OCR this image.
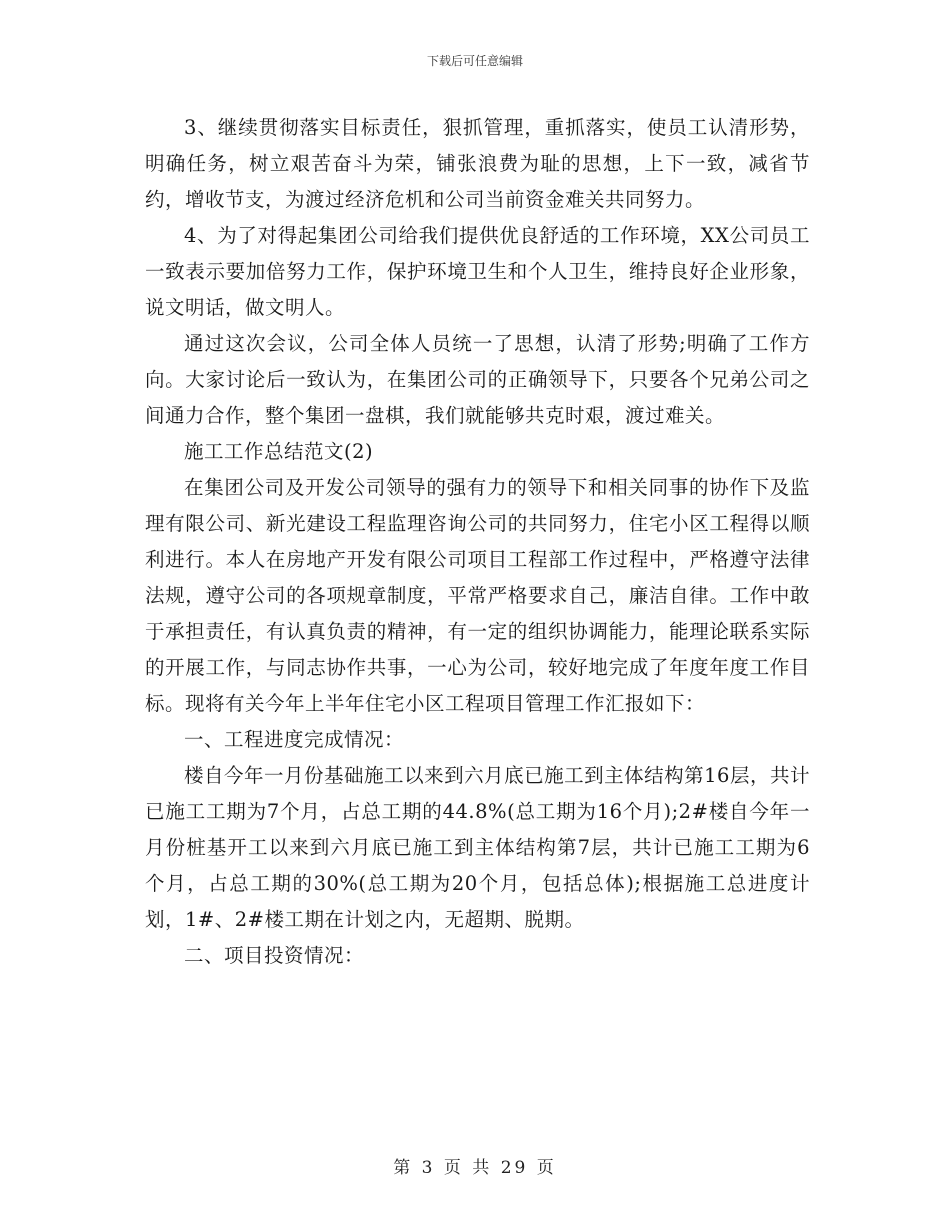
下载后可任意编辑

3、继续贯彻落实目标责任，狠抓管理，重抓落实，使员工认清形势，明确任务，树立艰苦奋斗为荣，铺张浪费为耻的思想，上下一致，减省节约，增收节支，为渡过经济危机和公司当前资金难关共同努力。

4、为了对得起集团公司给我们提供优良舒适的工作环境，XX公司员工一致表示要加倍努力工作，保护环境卫生和个人卫生，维持良好企业形象，说文明话，做文明人。

通过这次会议，公司全体人员统一了思想，认清了形势;明确了工作方向。大家讨论后一致认为，在集团公司的正确领导下，只要各个兄弟公司之间通力合作，整个集团一盘棋，我们就能够共克时艰，渡过难关。

施工工作总结范文(2)

在集团公司及开发公司领导的强有力的领导下和相关同事的协作下及监理有限公司、新光建设工程监理咨询公司的共同努力，住宅小区工程得以顺利进行。本人在房地产开发有限公司项目工程部工作过程中，严格遵守法律法规，遵守公司的各项规章制度，平常严格要求自己，廉洁自律。工作中敢于承担责任，有认真负责的精神，有一定的组织协调能力，能理论联系实际的开展工作，与同志协作共事，一心为公司，较好地完成了年度年度工作目标。现将有关今年上半年住宅小区工程项目管理工作汇报如下：

一、工程进度完成情况：

楼自今年一月份基础施工以来到六月底已施工到主体结构第16层，共计已施工工期为7个月，占总工期的44.8%(总工期为16个月);2#楼自今年一月份桩基开工以来到六月底已施工到主体结构第7层，共计已施工工期为6个月，占总工期的30%(总工期为20个月，包括总体);根据施工总进度计划，1#、2#楼工期在计划之内，无超期、脱期。

二、项目投资情况：

第 3 页 共 29 页
